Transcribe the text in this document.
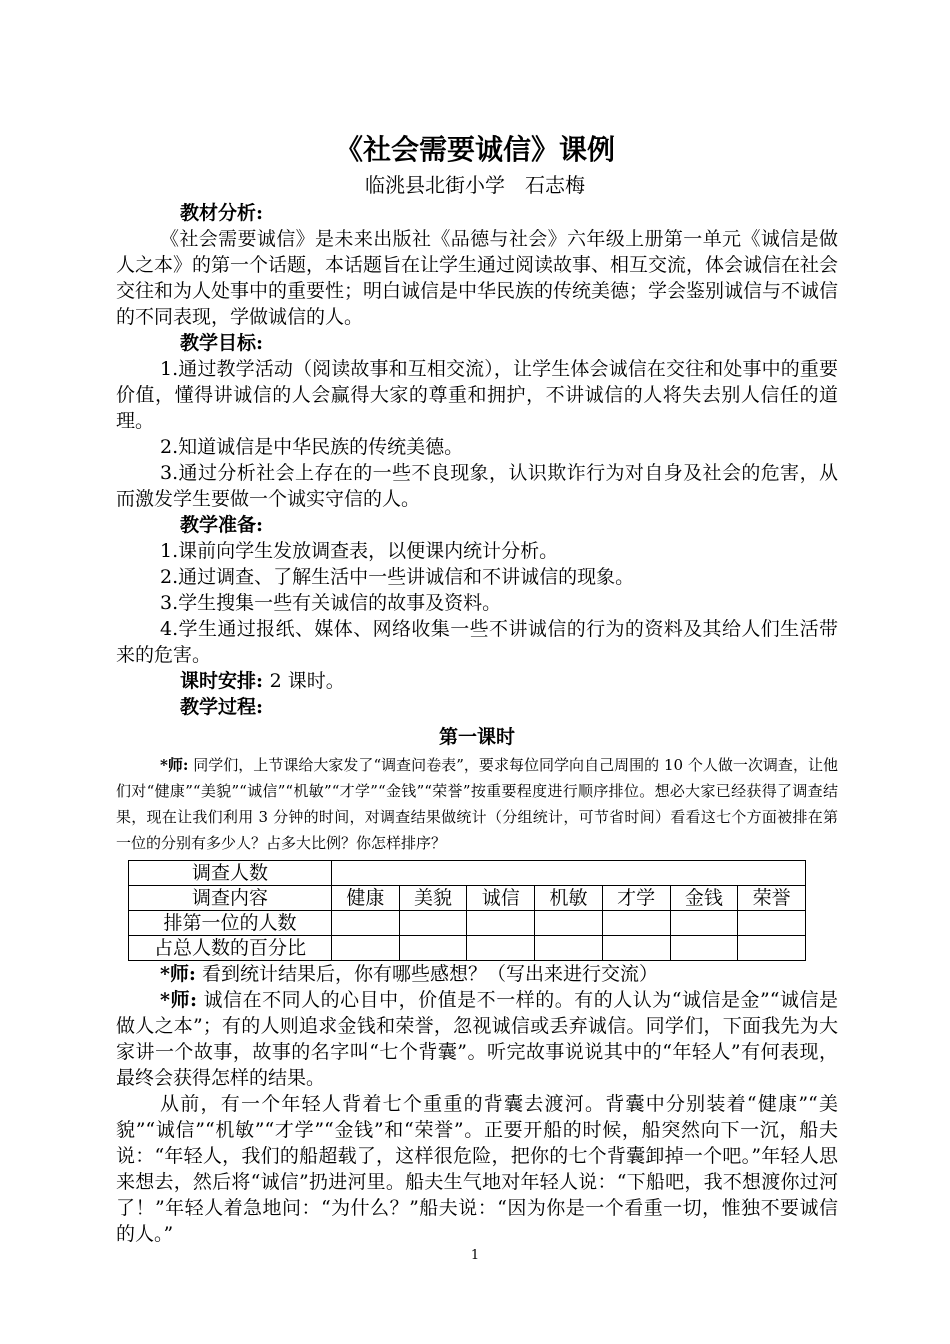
《社会需要诚信》课例
临洮县北街小学　石志梅
教材分析:

《社会需要诚信》是未来出版社《品德与社会》六年级上册第一单元《诚信是做人之本》的第一个话题，本话题旨在让学生通过阅读故事、相互交流，体会诚信在社会交往和为人处事中的重要性；明白诚信是中华民族的传统美德；学会鉴别诚信与不诚信的不同表现，学做诚信的人。

教学目标:

1.通过教学活动（阅读故事和互相交流），让学生体会诚信在交往和处事中的重要价值，懂得讲诚信的人会赢得大家的尊重和拥护，不讲诚信的人将失去别人信任的道理。

2.知道诚信是中华民族的传统美德。

3.通过分析社会上存在的一些不良现象，认识欺诈行为对自身及社会的危害，从而激发学生要做一个诚实守信的人。

教学准备:

1.课前向学生发放调查表，以便课内统计分析。

2.通过调查、了解生活中一些讲诚信和不讲诚信的现象。

3.学生搜集一些有关诚信的故事及资料。

4.学生通过报纸、媒体、网络收集一些不讲诚信的行为的资料及其给人们生活带来的危害。

课时安排: 2 课时。
教学过程:
第一课时

*师: 同学们，上节课给大家发了“调查问卷表”，要求每位同学向自己周围的 10 个人做一次调查，让他们对“健康”“美貌”“诚信”“机敏”“才学”“金钱”“荣誉”按重要程度进行顺序排位。想必大家已经获得了调查结果，现在让我们利用 3 分钟的时间，对调查结果做统计（分组统计，可节省时间）看看这七个方面被排在第一位的分别有多少人？占多大比例？你怎样排序？

调查人数							
调查内容	健康	美貌	诚信	机敏	才学	金钱	荣誉
排第一位的人数							
占总人数的百分比							

*师: 看到统计结果后，你有哪些感想？（写出来进行交流）

*师: 诚信在不同人的心目中，价值是不一样的。有的人认为“诚信是金”“诚信是做人之本”；有的人则追求金钱和荣誉，忽视诚信或丢弃诚信。同学们，下面我先为大家讲一个故事，故事的名字叫“七个背囊”。听完故事说说其中的“年轻人”有何表现，最终会获得怎样的结果。

从前，有一个年轻人背着七个重重的背囊去渡河。背囊中分别装着“健康”“美貌”“诚信”“机敏”“才学”“金钱”和“荣誉”。正要开船的时候，船突然向下一沉，船夫说：“年轻人，我们的船超载了，这样很危险，把你的七个背囊卸掉一个吧。”年轻人思来想去，然后将“诚信”扔进河里。船夫生气地对年轻人说：“下船吧，我不想渡你过河了！”年轻人着急地问：“为什么？”船夫说：“因为你是一个看重一切，惟独不要诚信的人。”

1
